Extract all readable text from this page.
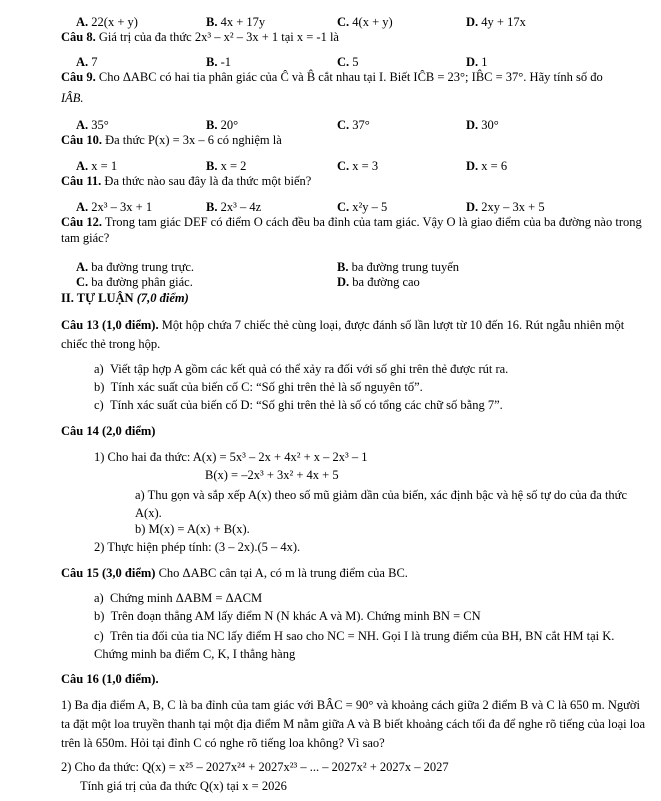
A. 22(x + y)	B. 4x + 17y	C. 4(x + y)	D. 4y + 17x
Câu 8. Giá trị của đa thức 2x³ – x² – 3x + 1 tại x = -1 là
A. 7	B. -1	C. 5	D. 1
Câu 9. Cho ΔABC có hai tia phân giác của Ĉ và B̂ cắt nhau tại I. Biết IĈB = 23°; IB̂C = 37°. Hãy tính số đo
IÂB.
A. 35°	B. 20°	C. 37°	D. 30°
Câu 10. Đa thức P(x) = 3x – 6 có nghiệm là
A. x = 1	B. x = 2	C. x = 3	D. x = 6
Câu 11. Đa thức nào sau đây là đa thức một biến?
A. 2x³ – 3x + 1	B. 2x³ – 4z	C. x²y – 5	D. 2xy – 3x + 5
Câu 12. Trong tam giác DEF có điểm O cách đều ba đỉnh của tam giác. Vậy O là giao điểm của ba đường nào trong tam giác?
A. ba đường trung trực.	B. ba đường trung tuyến
C. ba đường phân giác.	D. ba đường cao
II. TỰ LUẬN (7,0 điểm)
Câu 13 (1,0 điểm). Một hộp chứa 7 chiếc thẻ cùng loại, được đánh số lần lượt từ 10 đến 16. Rút ngẫu nhiên một chiếc thẻ trong hộp.
a) Viết tập hợp A gồm các kết quả có thể xảy ra đối với số ghi trên thẻ được rút ra.
b) Tính xác suất của biến cố C: “Số ghi trên thẻ là số nguyên tố”.
c) Tính xác suất của biến cố D: “Số ghi trên thẻ là số có tổng các chữ số bằng 7”.
Câu 14 (2,0 điểm)
1) Cho hai đa thức: A(x) = 5x³ – 2x + 4x² + x – 2x³ – 1
B(x) = –2x³ + 3x² + 4x + 5
a) Thu gọn và sắp xếp A(x) theo số mũ giảm dần của biến, xác định bậc và hệ số tự do của đa thức A(x).
b) M(x) = A(x) + B(x).
2) Thực hiện phép tính: (3 – 2x).(5 – 4x).
Câu 15 (3,0 điểm) Cho ΔABC cân tại A, có m là trung điểm của BC.
a) Chứng minh ΔABM = ΔACM
b) Trên đoạn thẳng AM lấy điểm N (N khác A và M). Chứng minh BN = CN
c) Trên tia đối của tia NC lấy điểm H sao cho NC = NH. Gọi I là trung điểm của BH, BN cắt HM tại K. Chứng minh ba điểm C, K, I thẳng hàng
Câu 16 (1,0 điểm).
1) Ba địa điểm A, B, C là ba đỉnh của tam giác với BÂC = 90° và khoảng cách giữa 2 điểm B và C là 650 m. Người ta đặt một loa truyền thanh tại một địa điểm M nằm giữa A và B biết khoảng cách tối đa để nghe rõ tiếng của loại loa trên là 650m. Hỏi tại đỉnh C có nghe rõ tiếng loa không? Vì sao?
2) Cho đa thức: Q(x) = x²⁵ – 2027x²⁴ + 2027x²³ – ... – 2027x² + 2027x – 2027
Tính giá trị của đa thức Q(x) tại x = 2026
